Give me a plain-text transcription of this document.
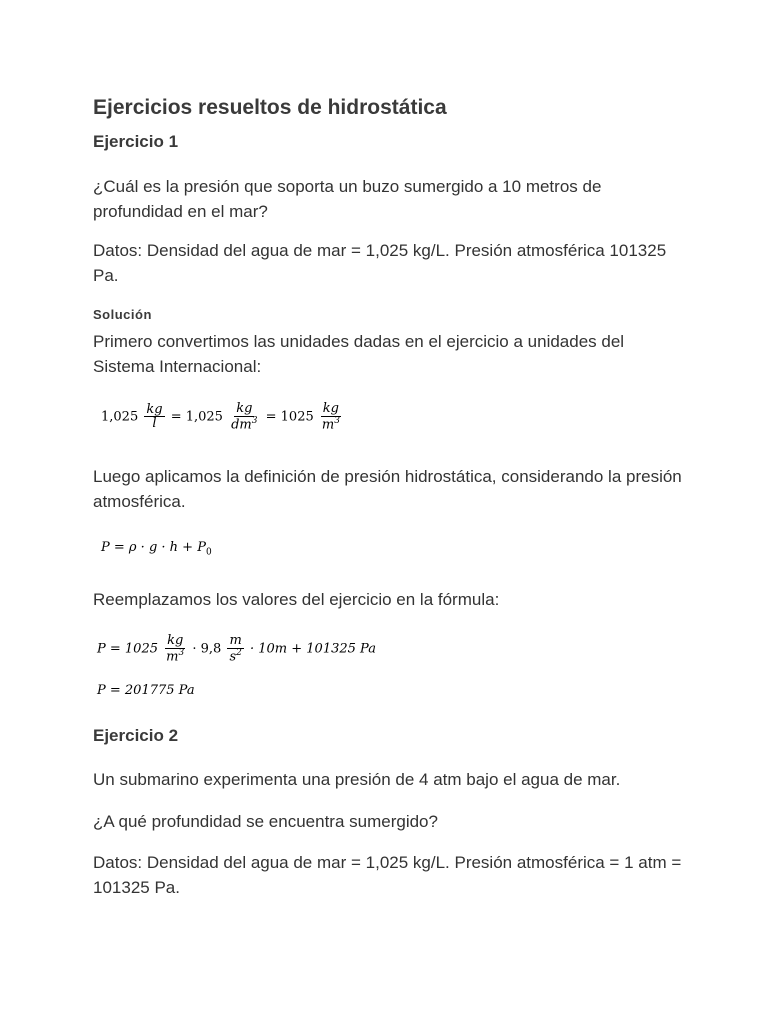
Ejercicios resueltos de hidrostática
Ejercicio 1

¿Cuál es la presión que soporta un buzo sumergido a 10 metros de profundidad en el mar?

Datos: Densidad del agua de mar = 1,025 kg/L. Presión atmosférica 101325 Pa.

Solución

Primero convertimos las unidades dadas en el ejercicio a unidades del Sistema Internacional:

$1,025 \frac{kg}{l} = 1,025 \frac{kg}{dm^3} = 1025 \frac{kg}{m^3}$

Luego aplicamos la definición de presión hidrostática, considerando la presión atmosférica.

$P = \rho \cdot g \cdot h + P_0$

Reemplazamos los valores del ejercicio en la fórmula:

$P = 1025 \frac{kg}{m^3} \cdot 9,8 \frac{m}{s^2} \cdot 10m + 101325$ Pa
P = 201775 Pa
Ejercicio 2

Un submarino experimenta una presión de 4 atm bajo el agua de mar.

¿A qué profundidad se encuentra sumergido?

Datos: Densidad del agua de mar = 1,025 kg/L. Presión atmosférica = 1 atm = 101325 Pa.
